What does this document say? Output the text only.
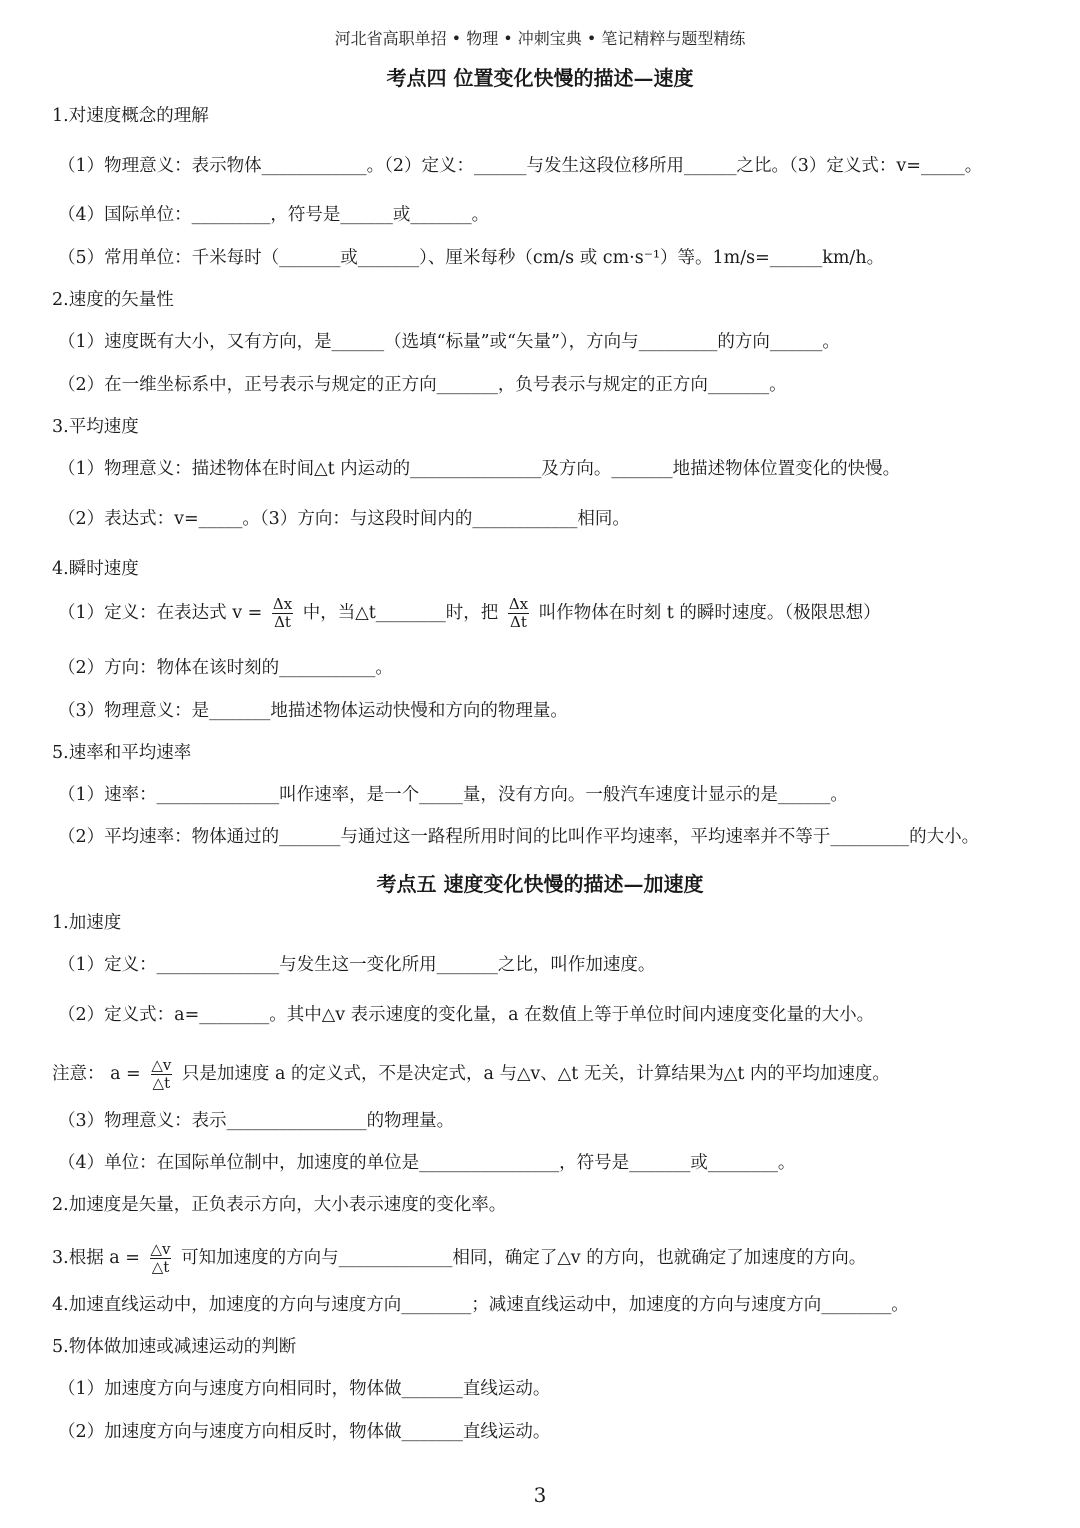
河北省高职单招 • 物理 • 冲刺宝典 • 笔记精粹与题型精练
考点四 位置变化快慢的描述—速度
1.对速度概念的理解
（1）物理意义：表示物体____________。（2）定义：______与发生这段位移所用______之比。（3）定义式：v=_____。
（4）国际单位：_________，符号是______或_______。
（5）常用单位：千米每时（_______或_______）、厘米每秒（cm/s 或 cm·s⁻¹）等。1m/s=______km/h。
2.速度的矢量性
（1）速度既有大小，又有方向，是______（选填“标量”或“矢量”），方向与_________的方向______。
（2）在一维坐标系中，正号表示与规定的正方向_______，负号表示与规定的正方向_______。
3.平均速度
（1）物理意义：描述物体在时间△t 内运动的_______________及方向。_______地描述物体位置变化的快慢。
（2）表达式：v=_____。（3）方向：与这段时间内的____________相同。
4.瞬时速度
（1）定义：在表达式 $v = \frac{\Delta x}{\Delta t}$ 中，当△t________时，把 $\frac{\Delta x}{\Delta t}$ 叫作物体在时刻 t 的瞬时速度。（极限思想）
（2）方向：物体在该时刻的___________。
（3）物理意义：是_______地描述物体运动快慢和方向的物理量。
5.速率和平均速率
（1）速率：______________叫作速率，是一个_____量，没有方向。一般汽车速度计显示的是______。
（2）平均速率：物体通过的_______与通过这一路程所用时间的比叫作平均速率，平均速率并不等于_________的大小。
考点五 速度变化快慢的描述—加速度
1.加速度
（1）定义：______________与发生这一变化所用_______之比，叫作加速度。
（2）定义式：a=________。其中△v 表示速度的变化量，a 在数值上等于单位时间内速度变化量的大小。
注意： $a = \frac{\triangle v}{\triangle t}$ 只是加速度 a 的定义式，不是决定式，a 与△v、△t 无关，计算结果为△t 内的平均加速度。
（3）物理意义：表示________________的物理量。
（4）单位：在国际单位制中，加速度的单位是________________，符号是_______或________。
2.加速度是矢量，正负表示方向，大小表示速度的变化率。
3.根据 $a = \frac{\triangle v}{\triangle t}$ 可知加速度的方向与_____________相同，确定了△v 的方向，也就确定了加速度的方向。
4.加速直线运动中，加速度的方向与速度方向________；减速直线运动中，加速度的方向与速度方向________。
5.物体做加速或减速运动的判断
（1）加速度方向与速度方向相同时，物体做_______直线运动。
（2）加速度方向与速度方向相反时，物体做_______直线运动。
3
